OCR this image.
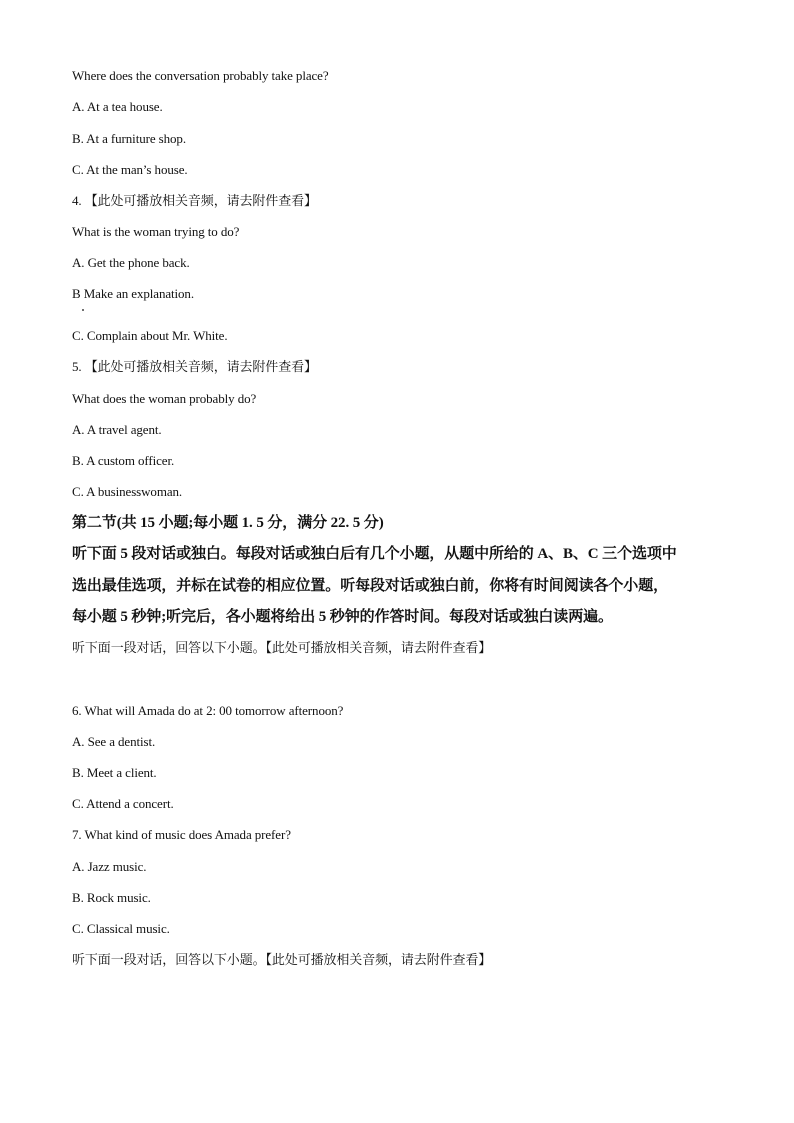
Where does the conversation probably take place?
A. At a tea house.
B. At a furniture shop.
C. At the man’s house.
4. 【此处可播放相关音频，请去附件查看】
What is the woman trying to do?
A. Get the phone back.
B Make an explanation.
C. Complain about Mr. White.
5. 【此处可播放相关音频，请去附件查看】
What does the woman probably do?
A. A travel agent.
B. A custom officer.
C. A businesswoman.
第二节(共 15 小题;每小题 1. 5 分，满分 22. 5 分)
听下面 5 段对话或独白。每段对话或独白后有几个小题，从题中所给的 A、B、C 三个选项中
选出最佳选项，并标在试卷的相应位置。听每段对话或独白前，你将有时间阅读各个小题，
每小题 5 秒钟;听完后，各小题将给出 5 秒钟的作答时间。每段对话或独白读两遍。
听下面一段对话，回答以下小题。【此处可播放相关音频，请去附件查看】
6. What will Amada do at 2: 00 tomorrow afternoon?
A. See a dentist.
B. Meet a client.
C. Attend a concert.
7. What kind of music does Amada prefer?
A. Jazz music.
B. Rock music.
C. Classical music.
听下面一段对话，回答以下小题。【此处可播放相关音频，请去附件查看】
